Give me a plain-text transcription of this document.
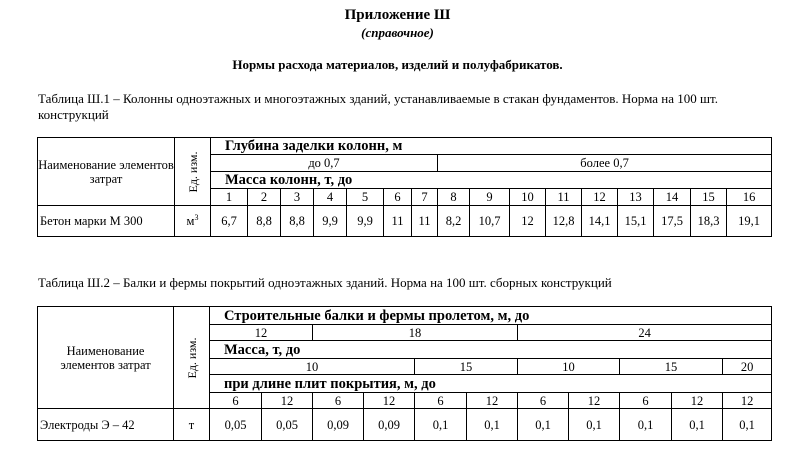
Приложение Ш
(справочное)
Нормы расхода материалов, изделий и полуфабрикатов.
Таблица Ш.1 – Колонны одноэтажных и многоэтажных зданий, устанавливаемые в стакан фундаментов. Норма на 100 шт. конструкций
Наименование элементов затрат	Ед. изм.	Глубина заделки колонн, м															
		до 0,7							более 0,7								
		Масса колонн, т, до															
		1	2	3	4	5	6	7	8	9	10	11	12	13	14	15	16
Бетон марки М 300	$м^3$	6,7	8,8	8,8	9,9	9,9	11	11	8,2	10,7	12	12,8	14,1	15,1	17,5	18,3	19,1
Таблица Ш.2 – Балки и фермы покрытий одноэтажных зданий. Норма на 100 шт. сборных конструкций
Наименование элементов затрат	Ед. изм.	Строительные балки и фермы пролетом, м, до										
		12		18				24				
		Масса, т, до										
		10				15		10		15		20
		при длине плит покрытия, м, до										
		6	12	6	12	6	12	6	12	6	12	12
Электроды Э – 42	т	0,05	0,05	0,09	0,09	0,1	0,1	0,1	0,1	0,1	0,1	0,1
